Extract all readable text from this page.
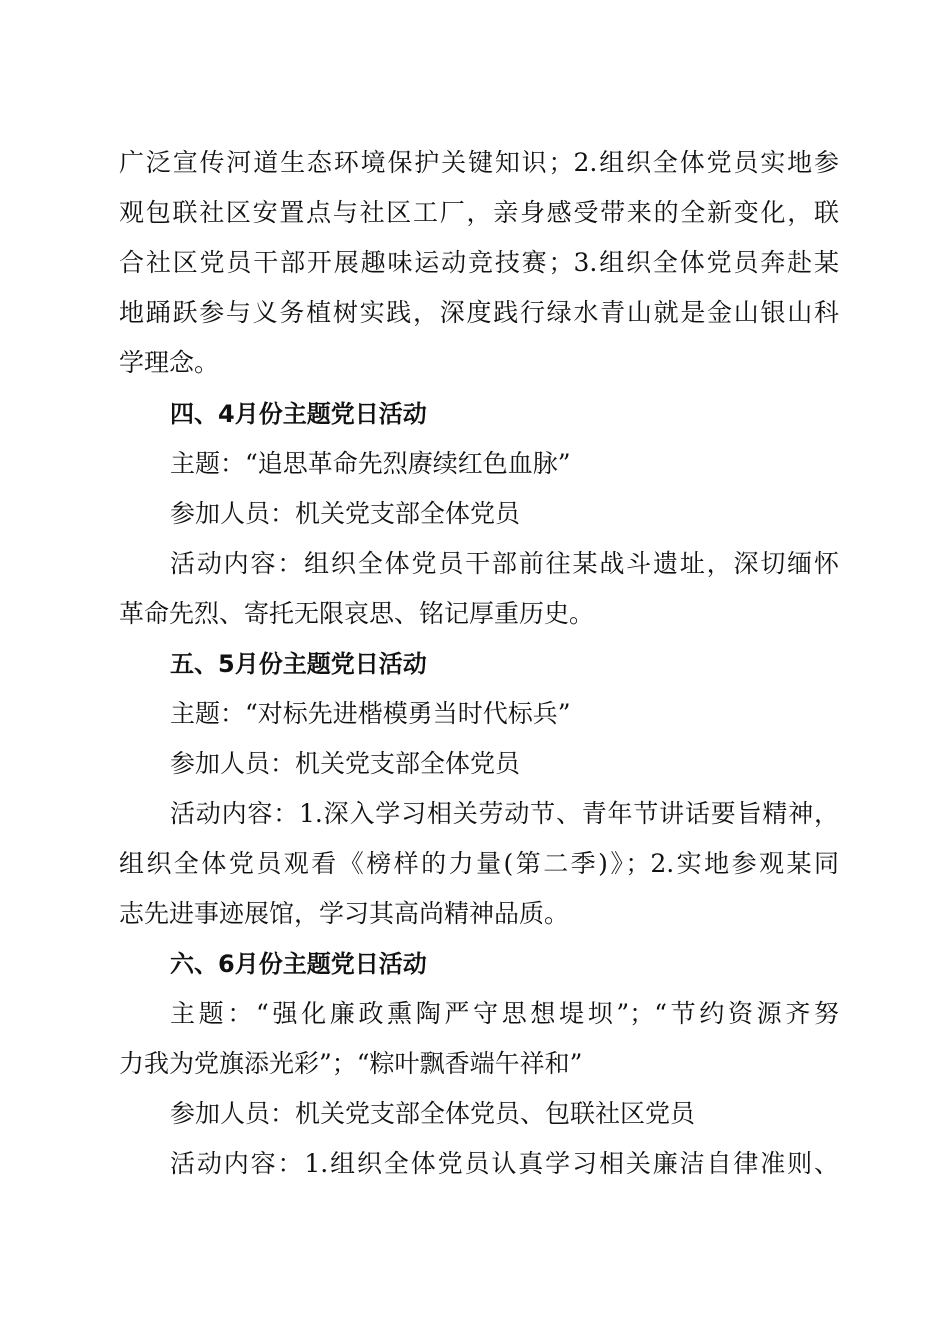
广泛宣传河道生态环境保护关键知识；2.组织全体党员实地参
观包联社区安置点与社区工厂，亲身感受带来的全新变化，联
合社区党员干部开展趣味运动竞技赛；3.组织全体党员奔赴某
地踊跃参与义务植树实践，深度践行绿水青山就是金山银山科
学理念。
四、4月份主题党日活动
主题：“追思革命先烈赓续红色血脉”
参加人员：机关党支部全体党员
活动内容：组织全体党员干部前往某战斗遗址，深切缅怀
革命先烈、寄托无限哀思、铭记厚重历史。
五、5月份主题党日活动
主题：“对标先进楷模勇当时代标兵”
参加人员：机关党支部全体党员
活动内容：1.深入学习相关劳动节、青年节讲话要旨精神，
组织全体党员观看《榜样的力量(第二季)》；2.实地参观某同
志先进事迹展馆，学习其高尚精神品质。
六、6月份主题党日活动
主题：“强化廉政熏陶严守思想堤坝”；“节约资源齐努
力我为党旗添光彩”；“粽叶飘香端午祥和”
参加人员：机关党支部全体党员、包联社区党员
活动内容：1.组织全体党员认真学习相关廉洁自律准则、
